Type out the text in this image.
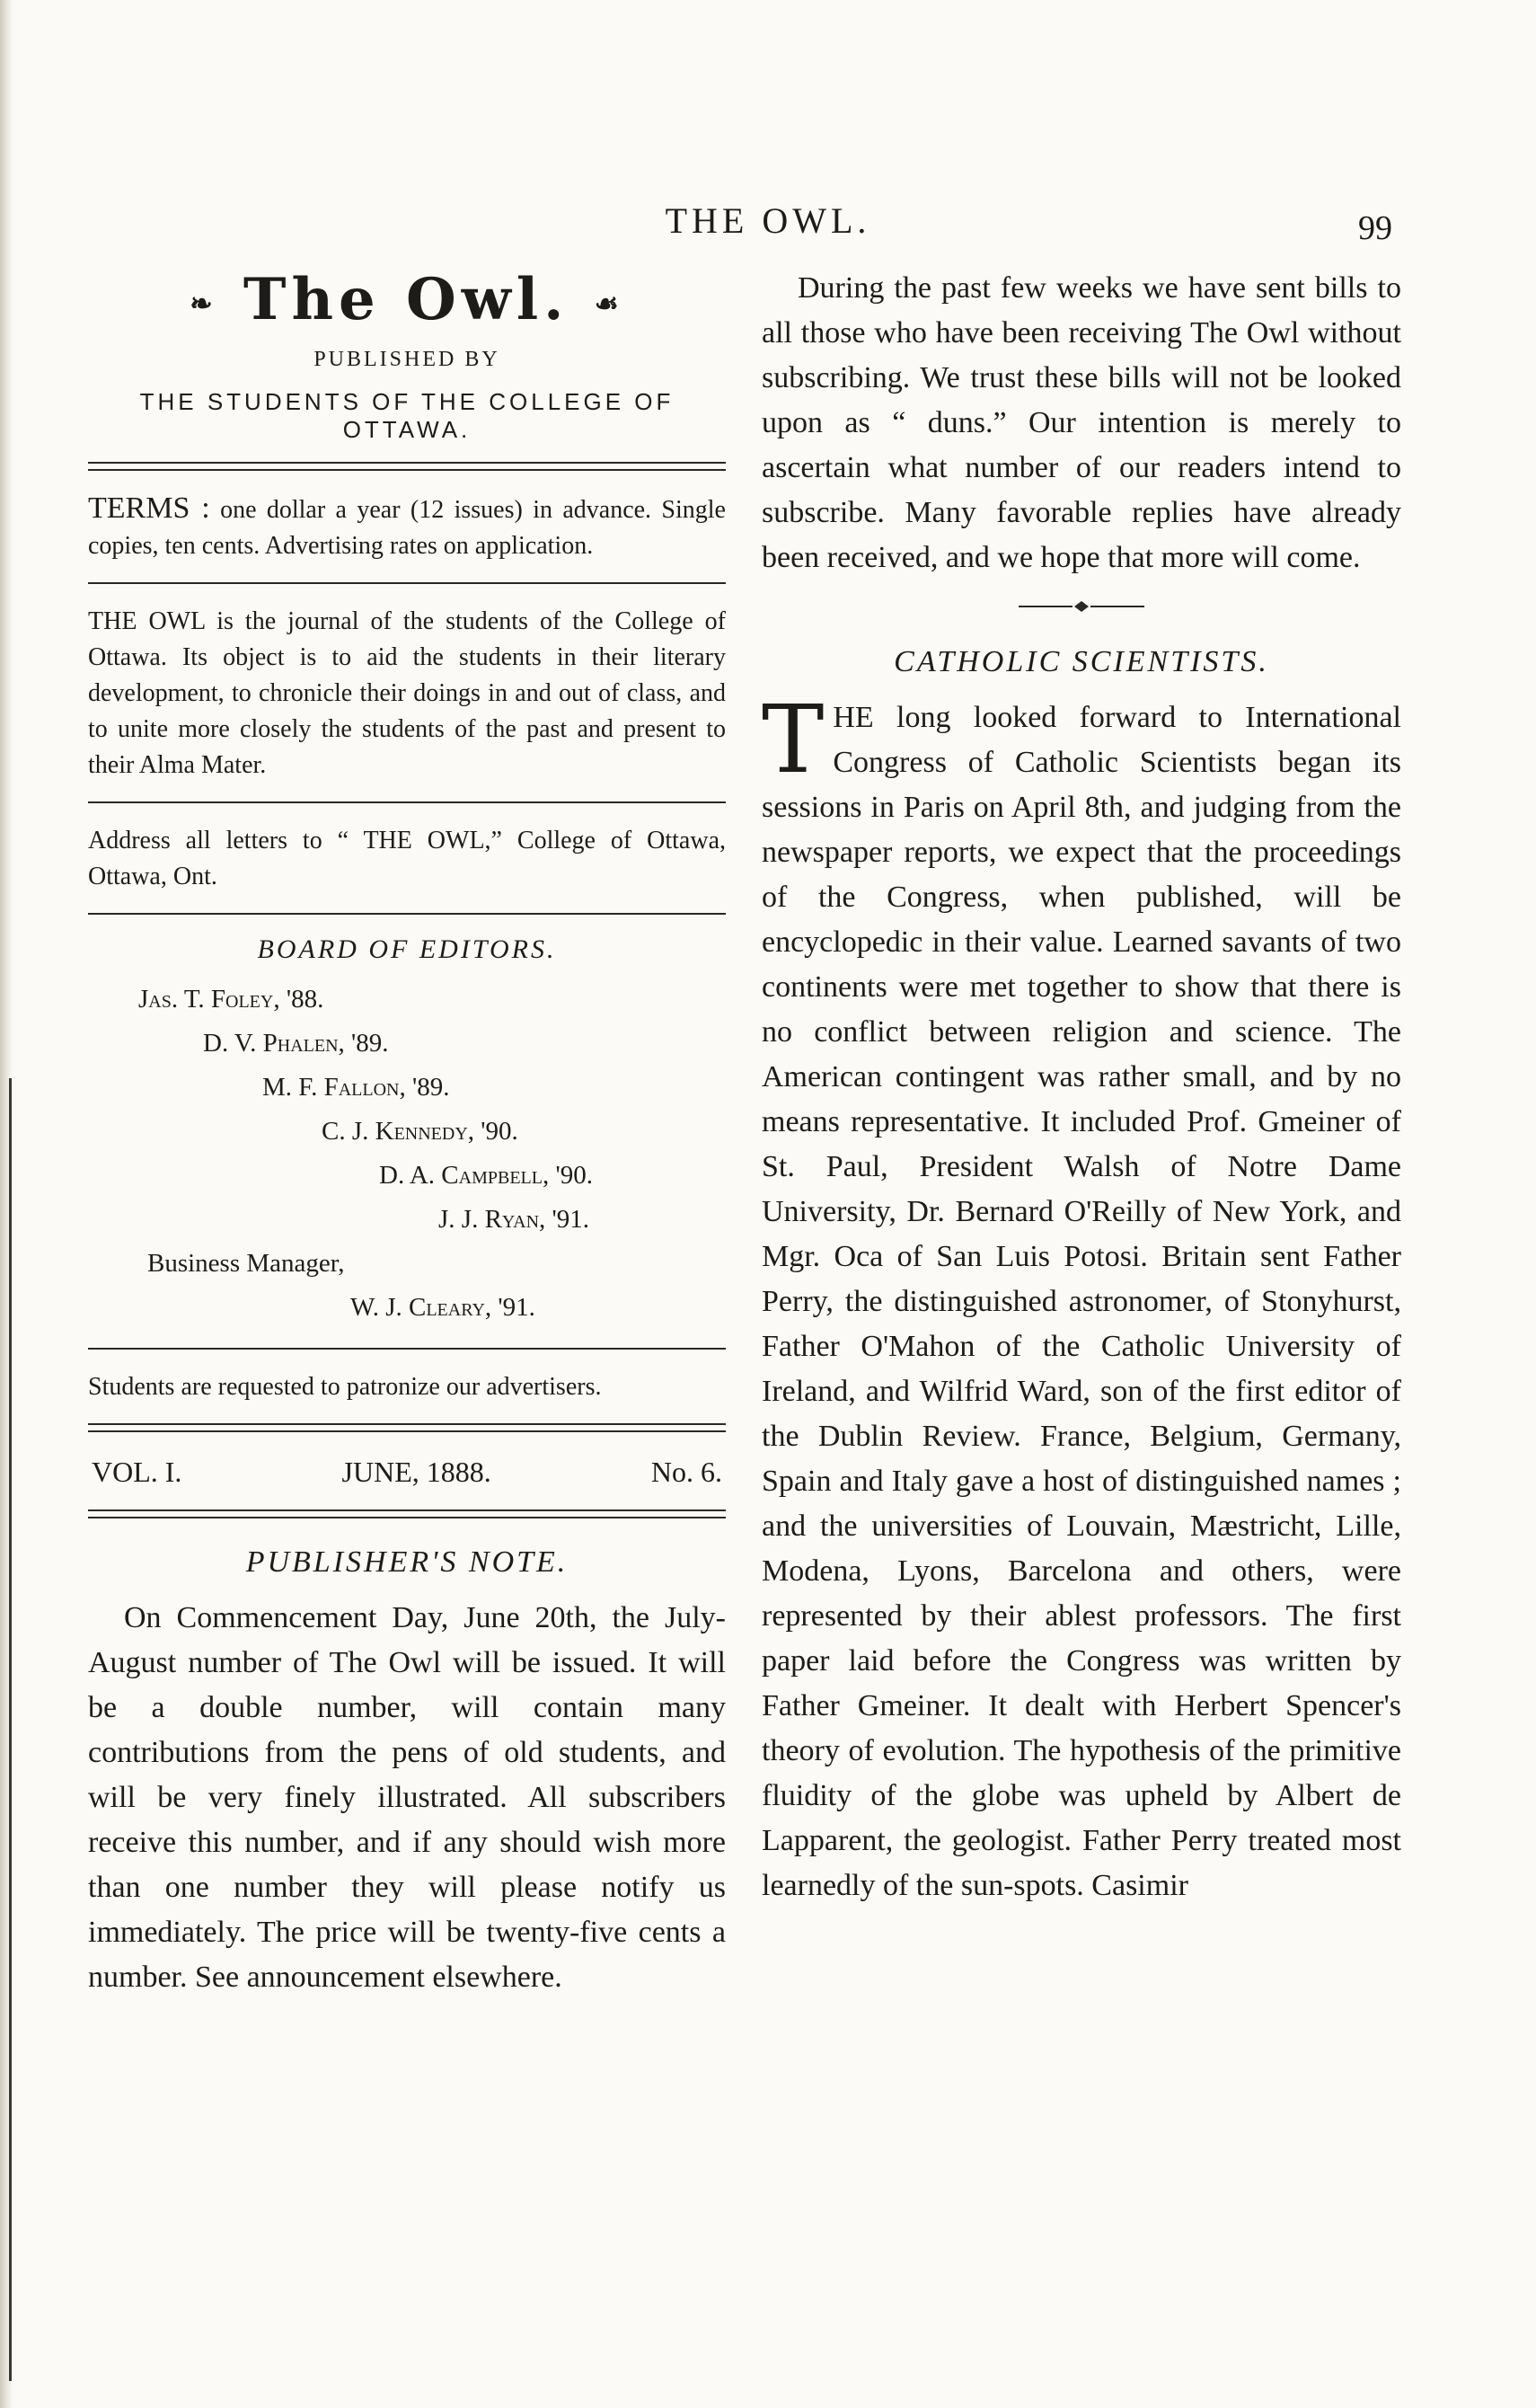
THE OWL.	99
❧ The Owl. ☙
PUBLISHED BY
THE STUDENTS OF THE COLLEGE OF OTTAWA.
TERMS : one dollar a year (12 issues) in advance. Single copies, ten cents. Advertising rates on application.
THE OWL is the journal of the students of the College of Ottawa. Its object is to aid the students in their literary development, to chronicle their doings in and out of class, and to unite more closely the students of the past and present to their Alma Mater.
Address all letters to “ THE OWL,” College of Ottawa, Ottawa, Ont.
BOARD OF EDITORS.
Jas. T. Foley, '88.
D. V. Phalen, '89.
M. F. Fallon, '89.
C. J. Kennedy, '90.
D. A. Campbell, '90.
J. J. Ryan, '91.
Business Manager,
W. J. Cleary, '91.
Students are requested to patronize our advertisers.
VOL. I.	JUNE, 1888.	No. 6.
PUBLISHER'S NOTE.

On Commencement Day, June 20th, the July-August number of The Owl will be issued. It will be a double number, will contain many contributions from the pens of old students, and will be very finely illustrated. All subscribers receive this number, and if any should wish more than one number they will please notify us immediately. The price will be twenty-five cents a number. See announcement elsewhere.

During the past few weeks we have sent bills to all those who have been receiving The Owl without subscribing. We trust these bills will not be looked upon as “ duns.” Our intention is merely to ascertain what number of our readers intend to subscribe. Many favorable replies have already been received, and we hope that more will come.

CATHOLIC SCIENTISTS.
T HE long looked forward to International Congress of Catholic Scientists began its sessions in Paris on April 8th, and judging from the newspaper reports, we expect that the proceedings of the Congress, when published, will be encyclopedic in their value. Learned savants of two continents were met together to show that there is no conflict between religion and science. The American contingent was rather small, and by no means representative. It included Prof. Gmeiner of St. Paul, President Walsh of Notre Dame University, Dr. Bernard O'Reilly of New York, and Mgr. Oca of San Luis Potosi. Britain sent Father Perry, the distinguished astronomer, of Stonyhurst, Father O'Mahon of the Catholic University of Ireland, and Wilfrid Ward, son of the first editor of the Dublin Review. France, Belgium, Germany, Spain and Italy gave a host of distinguished names ; and the universities of Louvain, Mæstricht, Lille, Modena, Lyons, Barcelona and others, were represented by their ablest professors. The first paper laid before the Congress was written by Father Gmeiner. It dealt with Herbert Spencer's theory of evolution. The hypothesis of the primitive fluidity of the globe was upheld by Albert de Lapparent, the geologist. Father Perry treated most learnedly of the sun-spots. Casimir
